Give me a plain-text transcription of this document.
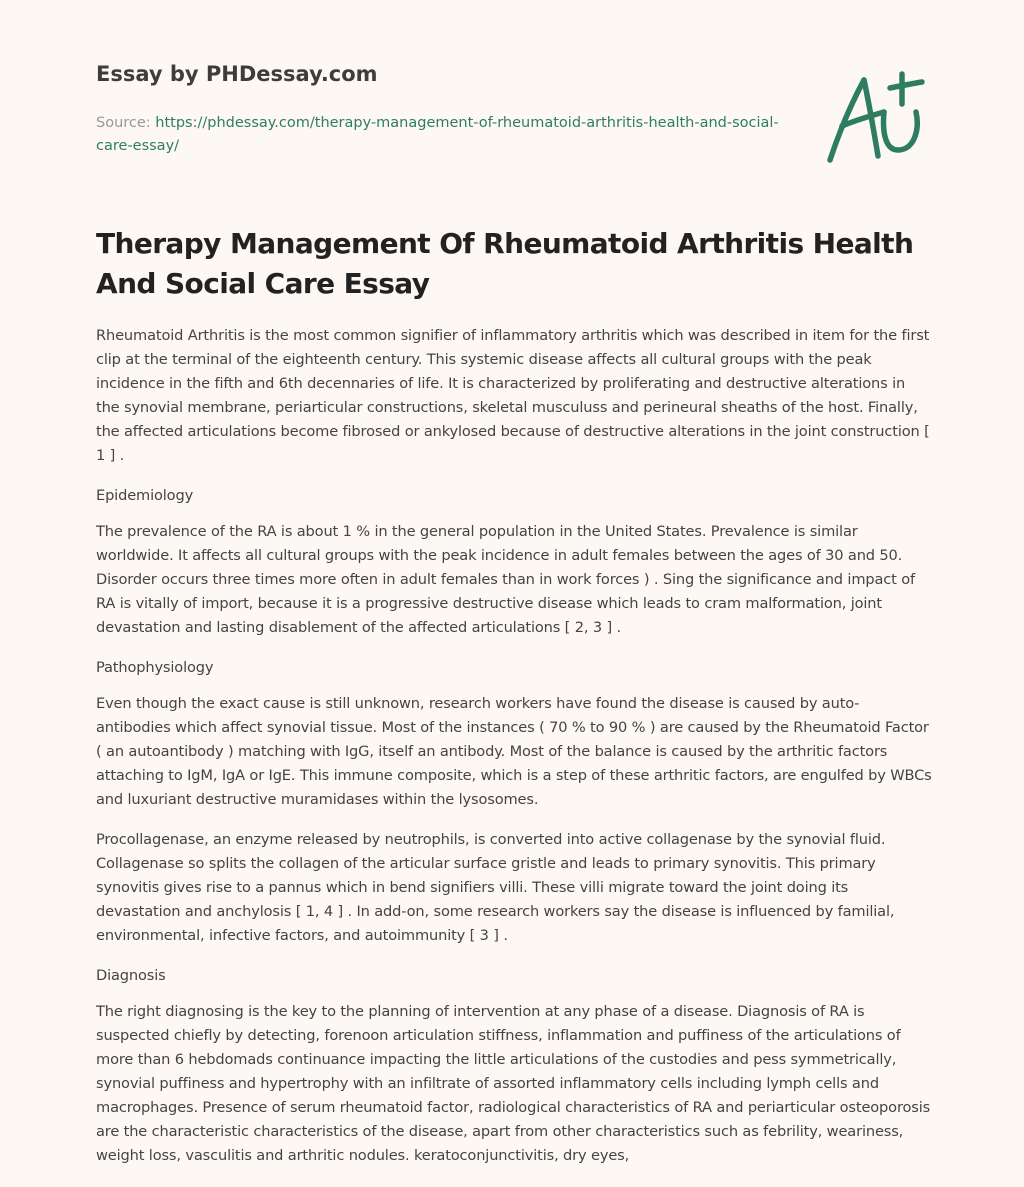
Essay by PHDessay.com
Source: https://phdessay.com/therapy-management-of-rheumatoid-arthritis-health-and-social-care-essay/
Therapy Management Of Rheumatoid Arthritis Health And Social Care Essay

Rheumatoid Arthritis is the most common signifier of inflammatory arthritis which was described in item for the first clip at the terminal of the eighteenth century. This systemic disease affects all cultural groups with the peak incidence in the fifth and 6th decennaries of life. It is characterized by proliferating and destructive alterations in the synovial membrane, periarticular constructions, skeletal musculuss and perineural sheaths of the host. Finally, the affected articulations become fibrosed or ankylosed because of destructive alterations in the joint construction [ 1 ] .

Epidemiology

The prevalence of the RA is about 1 % in the general population in the United States. Prevalence is similar worldwide. It affects all cultural groups with the peak incidence in adult females between the ages of 30 and 50. Disorder occurs three times more often in adult females than in work forces ) . Sing the significance and impact of RA is vitally of import, because it is a progressive destructive disease which leads to cram malformation, joint devastation and lasting disablement of the affected articulations [ 2, 3 ] .

Pathophysiology

Even though the exact cause is still unknown, research workers have found the disease is caused by auto-antibodies which affect synovial tissue. Most of the instances ( 70 % to 90 % ) are caused by the Rheumatoid Factor ( an autoantibody ) matching with IgG, itself an antibody. Most of the balance is caused by the arthritic factors attaching to IgM, IgA or IgE. This immune composite, which is a step of these arthritic factors, are engulfed by WBCs and luxuriant destructive muramidases within the lysosomes.

Procollagenase, an enzyme released by neutrophils, is converted into active collagenase by the synovial fluid. Collagenase so splits the collagen of the articular surface gristle and leads to primary synovitis. This primary synovitis gives rise to a pannus which in bend signifiers villi. These villi migrate toward the joint doing its devastation and anchylosis [ 1, 4 ] . In add-on, some research workers say the disease is influenced by familial, environmental, infective factors, and autoimmunity [ 3 ] .

Diagnosis

The right diagnosing is the key to the planning of intervention at any phase of a disease. Diagnosis of RA is suspected chiefly by detecting, forenoon articulation stiffness, inflammation and puffiness of the articulations of more than 6 hebdomads continuance impacting the little articulations of the custodies and pess symmetrically, synovial puffiness and hypertrophy with an infiltrate of assorted inflammatory cells including lymph cells and macrophages. Presence of serum rheumatoid factor, radiological characteristics of RA and periarticular osteoporosis are the characteristic characteristics of the disease, apart from other characteristics such as febrility, weariness, weight loss, vasculitis and arthritic nodules. keratoconjunctivitis, dry eyes,
